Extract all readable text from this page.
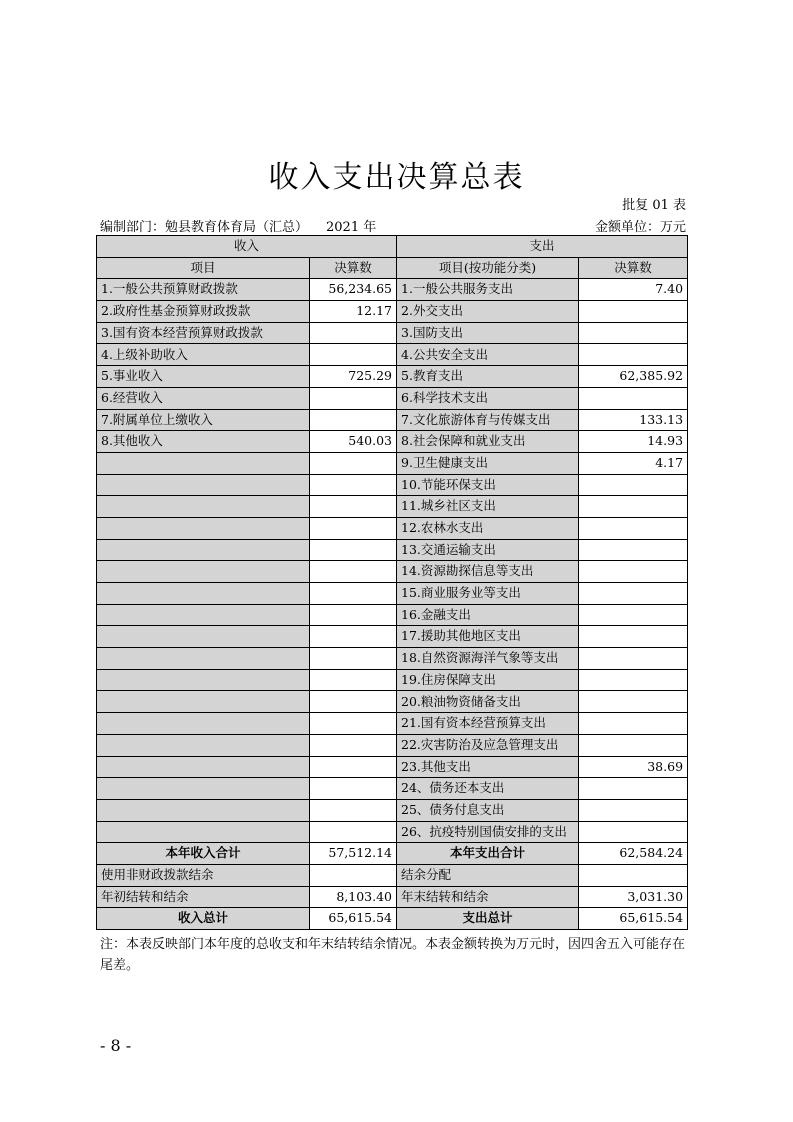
收入支出决算总表
批复 01 表
编制部门：勉县教育体育局（汇总） 2021 年	金额单位：万元
收入		支出	
项目	决算数	项目(按功能分类)	决算数
1.一般公共预算财政拨款	56,234.65	1.一般公共服务支出	7.40
2.政府性基金预算财政拨款	12.17	2.外交支出	
3.国有资本经营预算财政拨款		3.国防支出	
4.上级补助收入		4.公共安全支出	
5.事业收入	725.29	5.教育支出	62,385.92
6.经营收入		6.科学技术支出	
7.附属单位上缴收入		7.文化旅游体育与传媒支出	133.13
8.其他收入	540.03	8.社会保障和就业支出	14.93
		9.卫生健康支出	4.17
		10.节能环保支出	
		11.城乡社区支出	
		12.农林水支出	
		13.交通运输支出	
		14.资源勘探信息等支出	
		15.商业服务业等支出	
		16.金融支出	
		17.援助其他地区支出	
		18.自然资源海洋气象等支出	
		19.住房保障支出	
		20.粮油物资储备支出	
		21.国有资本经营预算支出	
		22.灾害防治及应急管理支出	
		23.其他支出	38.69
		24、债务还本支出	
		25、债务付息支出	
		26、抗疫特别国债安排的支出	
本年收入合计	57,512.14	本年支出合计	62,584.24
使用非财政拨款结余		结余分配	
年初结转和结余	8,103.40	年末结转和结余	3,031.30
收入总计	65,615.54	支出总计	65,615.54

注：本表反映部门本年度的总收支和年末结转结余情况。本表金额转换为万元时，因四舍五入可能存在尾差。

- 8 -
